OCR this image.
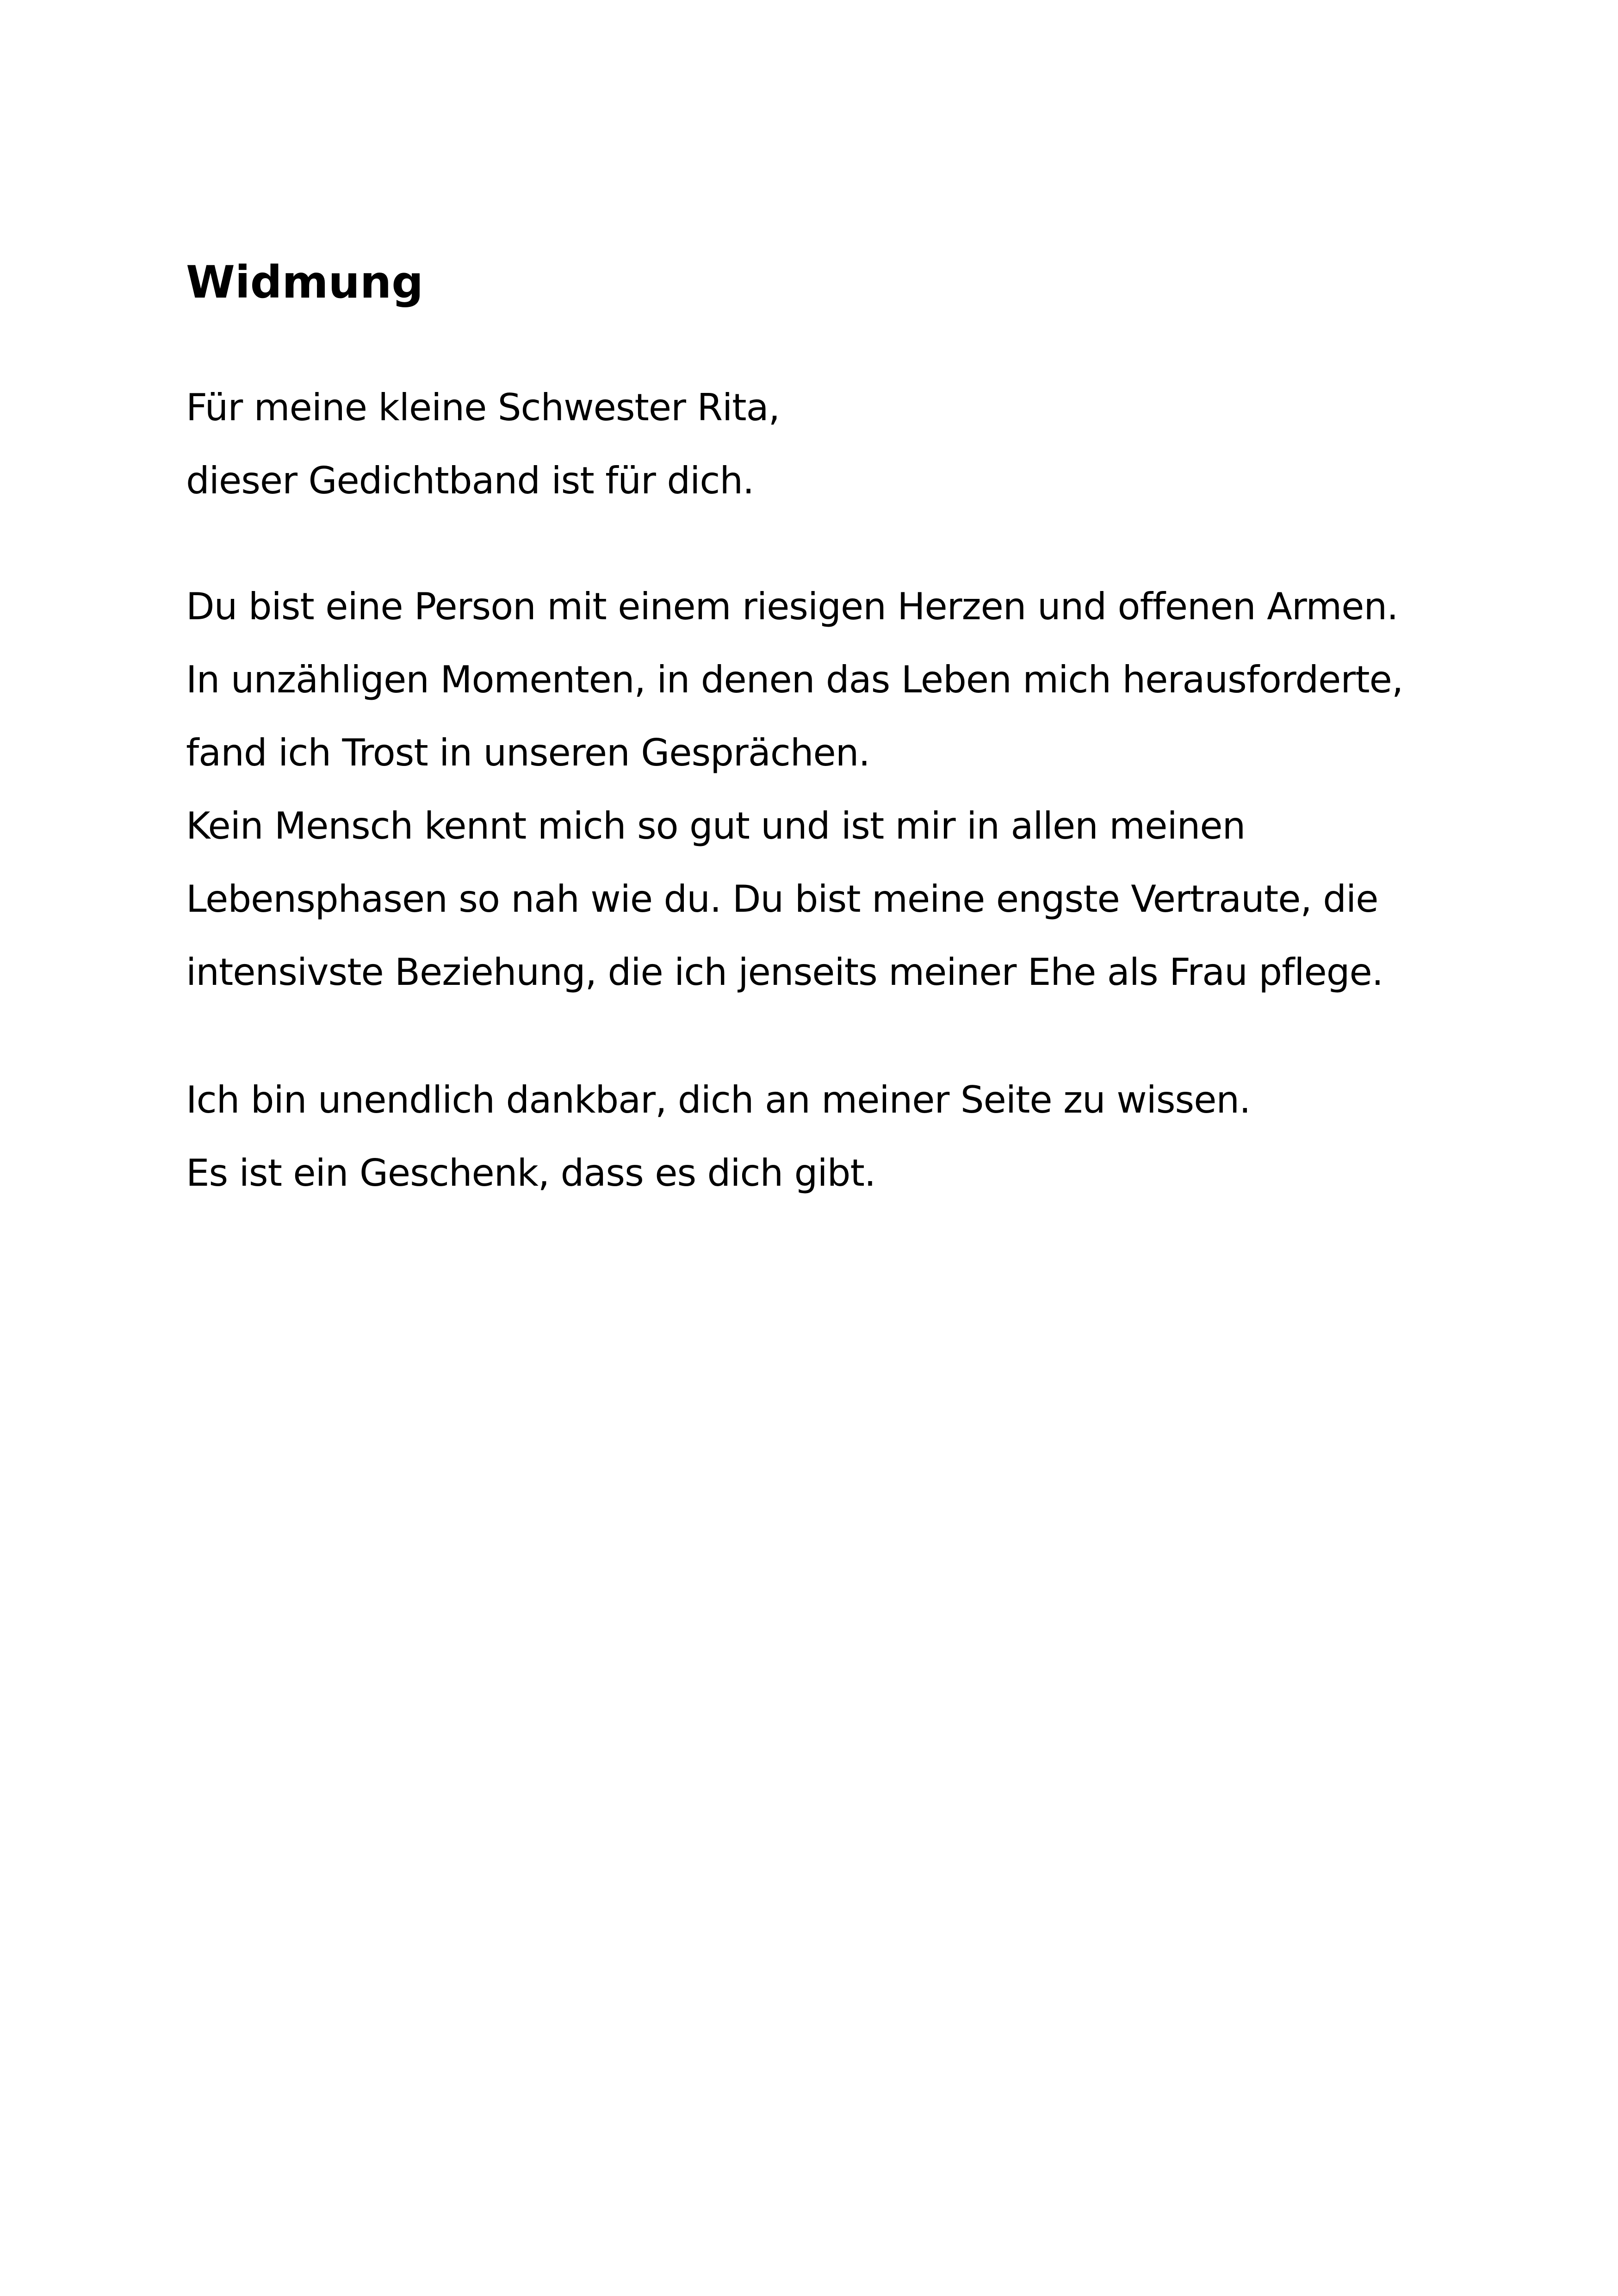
Widmung

Für meine kleine Schwester Rita,
dieser Gedichtband ist für dich.

Du bist eine Person mit einem riesigen Herzen und offenen Armen.
In unzähligen Momenten, in denen das Leben mich herausforderte,
fand ich Trost in unseren Gesprächen.
Kein Mensch kennt mich so gut und ist mir in allen meinen
Lebensphasen so nah wie du. Du bist meine engste Vertraute, die
intensivste Beziehung, die ich jenseits meiner Ehe als Frau pflege.

Ich bin unendlich dankbar, dich an meiner Seite zu wissen.
Es ist ein Geschenk, dass es dich gibt.
